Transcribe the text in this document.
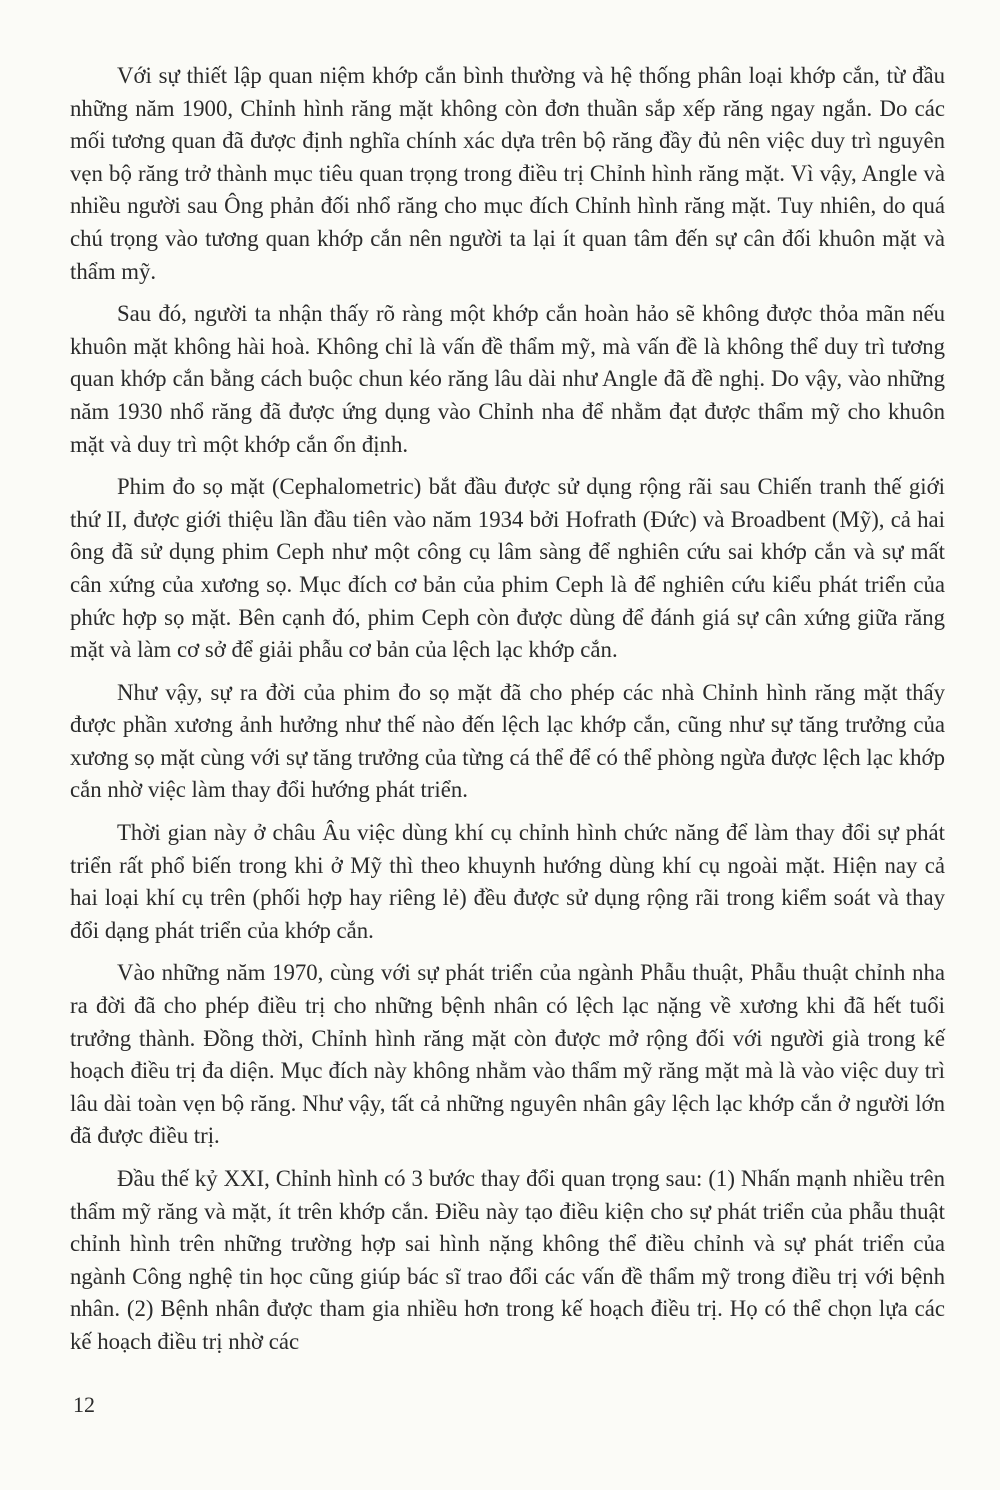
Với sự thiết lập quan niệm khớp cắn bình thường và hệ thống phân loại khớp cắn, từ đầu những năm 1900, Chỉnh hình răng mặt không còn đơn thuần sắp xếp răng ngay ngắn. Do các mối tương quan đã được định nghĩa chính xác dựa trên bộ răng đầy đủ nên việc duy trì nguyên vẹn bộ răng trở thành mục tiêu quan trọng trong điều trị Chỉnh hình răng mặt. Vì vậy, Angle và nhiều người sau Ông phản đối nhổ răng cho mục đích Chỉnh hình răng mặt. Tuy nhiên, do quá chú trọng vào tương quan khớp cắn nên người ta lại ít quan tâm đến sự cân đối khuôn mặt và thẩm mỹ.

Sau đó, người ta nhận thấy rõ ràng một khớp cắn hoàn hảo sẽ không được thỏa mãn nếu khuôn mặt không hài hoà. Không chỉ là vấn đề thẩm mỹ, mà vấn đề là không thể duy trì tương quan khớp cắn bằng cách buộc chun kéo răng lâu dài như Angle đã đề nghị. Do vậy, vào những năm 1930 nhổ răng đã được ứng dụng vào Chỉnh nha để nhằm đạt được thẩm mỹ cho khuôn mặt và duy trì một khớp cắn ổn định.

Phim đo sọ mặt (Cephalometric) bắt đầu được sử dụng rộng rãi sau Chiến tranh thế giới thứ II, được giới thiệu lần đầu tiên vào năm 1934 bởi Hofrath (Đức) và Broadbent (Mỹ), cả hai ông đã sử dụng phim Ceph như một công cụ lâm sàng để nghiên cứu sai khớp cắn và sự mất cân xứng của xương sọ. Mục đích cơ bản của phim Ceph là để nghiên cứu kiểu phát triển của phức hợp sọ mặt. Bên cạnh đó, phim Ceph còn được dùng để đánh giá sự cân xứng giữa răng mặt và làm cơ sở để giải phẫu cơ bản của lệch lạc khớp cắn.

Như vậy, sự ra đời của phim đo sọ mặt đã cho phép các nhà Chỉnh hình răng mặt thấy được phần xương ảnh hưởng như thế nào đến lệch lạc khớp cắn, cũng như sự tăng trưởng của xương sọ mặt cùng với sự tăng trưởng của từng cá thể để có thể phòng ngừa được lệch lạc khớp cắn nhờ việc làm thay đổi hướng phát triển.

Thời gian này ở châu Âu việc dùng khí cụ chỉnh hình chức năng để làm thay đổi sự phát triển rất phổ biến trong khi ở Mỹ thì theo khuynh hướng dùng khí cụ ngoài mặt. Hiện nay cả hai loại khí cụ trên (phối hợp hay riêng lẻ) đều được sử dụng rộng rãi trong kiểm soát và thay đổi dạng phát triển của khớp cắn.

Vào những năm 1970, cùng với sự phát triển của ngành Phẫu thuật, Phẫu thuật chỉnh nha ra đời đã cho phép điều trị cho những bệnh nhân có lệch lạc nặng về xương khi đã hết tuổi trưởng thành. Đồng thời, Chỉnh hình răng mặt còn được mở rộng đối với người già trong kế hoạch điều trị đa diện. Mục đích này không nhằm vào thẩm mỹ răng mặt mà là vào việc duy trì lâu dài toàn vẹn bộ răng. Như vậy, tất cả những nguyên nhân gây lệch lạc khớp cắn ở người lớn đã được điều trị.

Đầu thế kỷ XXI, Chỉnh hình có 3 bước thay đổi quan trọng sau: (1) Nhấn mạnh nhiều trên thẩm mỹ răng và mặt, ít trên khớp cắn. Điều này tạo điều kiện cho sự phát triển của phẫu thuật chỉnh hình trên những trường hợp sai hình nặng không thể điều chỉnh và sự phát triển của ngành Công nghệ tin học cũng giúp bác sĩ trao đổi các vấn đề thẩm mỹ trong điều trị với bệnh nhân. (2) Bệnh nhân được tham gia nhiều hơn trong kế hoạch điều trị. Họ có thể chọn lựa các kế hoạch điều trị nhờ các

12
